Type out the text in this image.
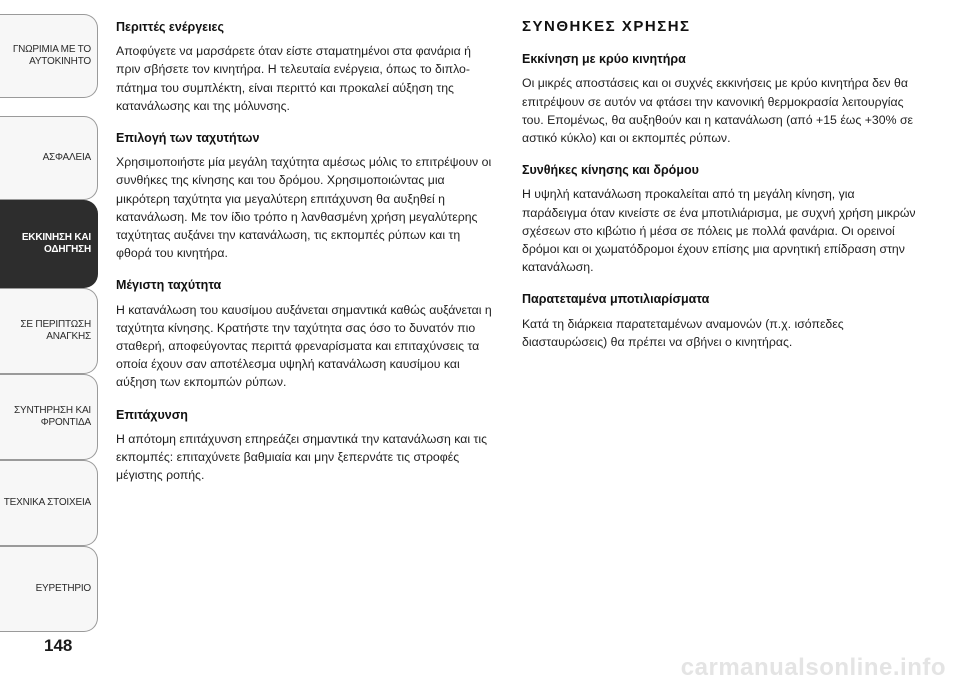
ΓΝΩΡΙΜΙΑ ΜΕ ΤΟ
ΑΥΤΟΚΙΝΗΤΟ
ΑΣΦΑΛΕΙΑ
ΕΚΚΙΝΗΣΗ ΚΑΙ
ΟΔΗΓΗΣΗ
ΣΕ ΠΕΡΙΠΤΩΣΗ
ΑΝΑΓΚΗΣ
ΣΥΝΤΗΡΗΣΗ ΚΑΙ
ΦΡΟΝΤΙΔΑ
ΤΕΧΝΙΚΑ ΣΤΟΙΧΕΙΑ
ΕΥΡΕΤΗΡΙΟ
148
Περιττές ενέργειες

Αποφύγετε να μαρσάρετε όταν είστε σταματημένοι στα φανάρια ή πριν σβήσετε τον κινητήρα. Η τελευταία ενέργεια, όπως το διπλο-πάτημα του συμπλέκτη, είναι περιττό και προκαλεί αύξηση της κατανάλωσης και της μόλυνσης.

Επιλογή των ταχυτήτων

Χρησιμοποιήστε μία μεγάλη ταχύτητα αμέσως μόλις το επιτρέψουν οι συνθήκες της κίνησης και του δρόμου. Χρησιμοποιώντας μια μικρότερη ταχύτητα για μεγαλύτερη επιτάχυνση θα αυξηθεί η κατανάλωση. Με τον ίδιο τρόπο η λανθασμένη χρήση μεγαλύτερης ταχύτητας αυξάνει την κατανάλωση, τις εκπομπές ρύπων και τη φθορά του κινητήρα.

Μέγιστη ταχύτητα

Η κατανάλωση του καυσίμου αυξάνεται σημαντικά καθώς αυξάνεται η ταχύτητα κίνησης. Κρατήστε την ταχύτητα σας όσο το δυνατόν πιο σταθερή, αποφεύγοντας περιττά φρεναρίσματα και επιταχύνσεις τα οποία έχουν σαν αποτέλεσμα υψηλή κατανάλωση καυσίμου και αύξηση των εκπομπών ρύπων.

Επιτάχυνση

Η απότομη επιτάχυνση επηρεάζει σημαντικά την κατανάλωση και τις εκπομπές: επιταχύνετε βαθμιαία και μην ξεπερνάτε τις στροφές μέγιστης ροπής.

ΣΥΝΘΗΚΕΣ ΧΡΗΣΗΣ
Εκκίνηση με κρύο κινητήρα

Οι μικρές αποστάσεις και οι συχνές εκκινήσεις με κρύο κινητήρα δεν θα επιτρέψουν σε αυτόν να φτάσει την κανονική θερμοκρασία λειτουργίας του. Επομένως, θα αυξηθούν και η κατανάλωση (από +15 έως +30% σε αστικό κύκλο) και οι εκπομπές ρύπων.

Συνθήκες κίνησης και δρόμου

Η υψηλή κατανάλωση προκαλείται από τη μεγάλη κίνηση, για παράδειγμα όταν κινείστε σε ένα μποτιλιάρισμα, με συχνή χρήση μικρών σχέσεων στο κιβώτιο ή μέσα σε πόλεις με πολλά φανάρια. Οι ορεινοί δρόμοι και οι χωματόδρομοι έχουν επίσης μια αρνητική επίδραση στην κατανάλωση.

Παρατεταμένα μποτιλιαρίσματα

Κατά τη διάρκεια παρατεταμένων αναμονών (π.χ. ισόπεδες διασταυρώσεις) θα πρέπει να σβήνει ο κινητήρας.

carmanualsonline.info
